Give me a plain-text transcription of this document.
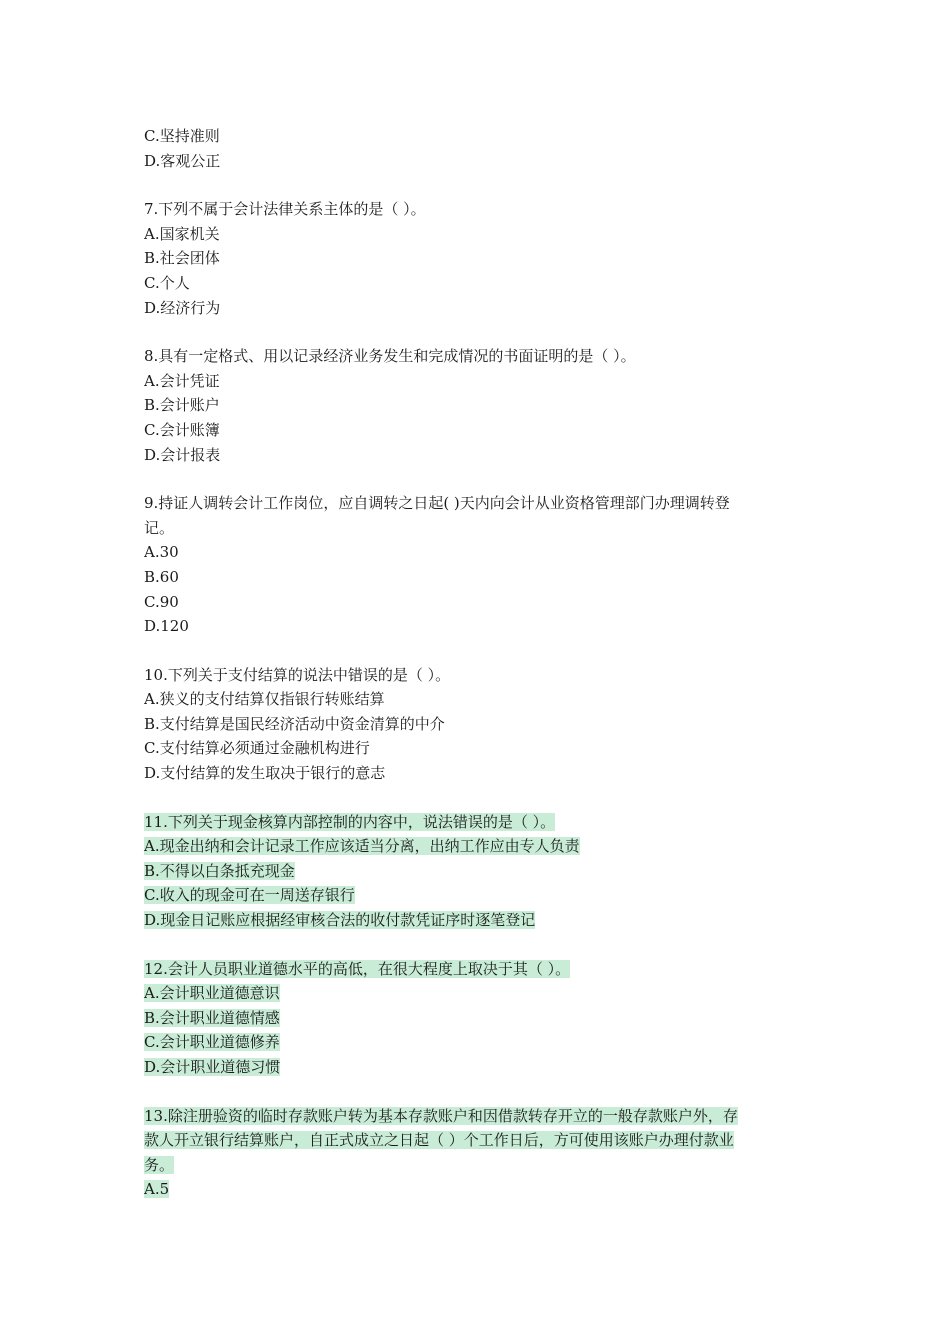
C.坚持准则
D.客观公正
7.下列不属于会计法律关系主体的是（ ）。
A.国家机关
B.社会团体
C.个人
D.经济行为
8.具有一定格式、用以记录经济业务发生和完成情况的书面证明的是（ ）。
A.会计凭证
B.会计账户
C.会计账簿
D.会计报表
9.持证人调转会计工作岗位，应自调转之日起( )天内向会计从业资格管理部门办理调转登
记。
A.30
B.60
C.90
D.120
10.下列关于支付结算的说法中错误的是（ ）。
A.狭义的支付结算仅指银行转账结算
B.支付结算是国民经济活动中资金清算的中介
C.支付结算必须通过金融机构进行
D.支付结算的发生取决于银行的意志
11.下列关于现金核算内部控制的内容中，说法错误的是（ ）。
A.现金出纳和会计记录工作应该适当分离，出纳工作应由专人负责
B.不得以白条抵充现金
C.收入的现金可在一周送存银行
D.现金日记账应根据经审核合法的收付款凭证序时逐笔登记
12.会计人员职业道德水平的高低，在很大程度上取决于其（ ）。
A.会计职业道德意识
B.会计职业道德情感
C.会计职业道德修养
D.会计职业道德习惯
13.除注册验资的临时存款账户转为基本存款账户和因借款转存开立的一般存款账户外，存
款人开立银行结算账户，自正式成立之日起（ ）个工作日后，方可使用该账户办理付款业
务。
A.5
